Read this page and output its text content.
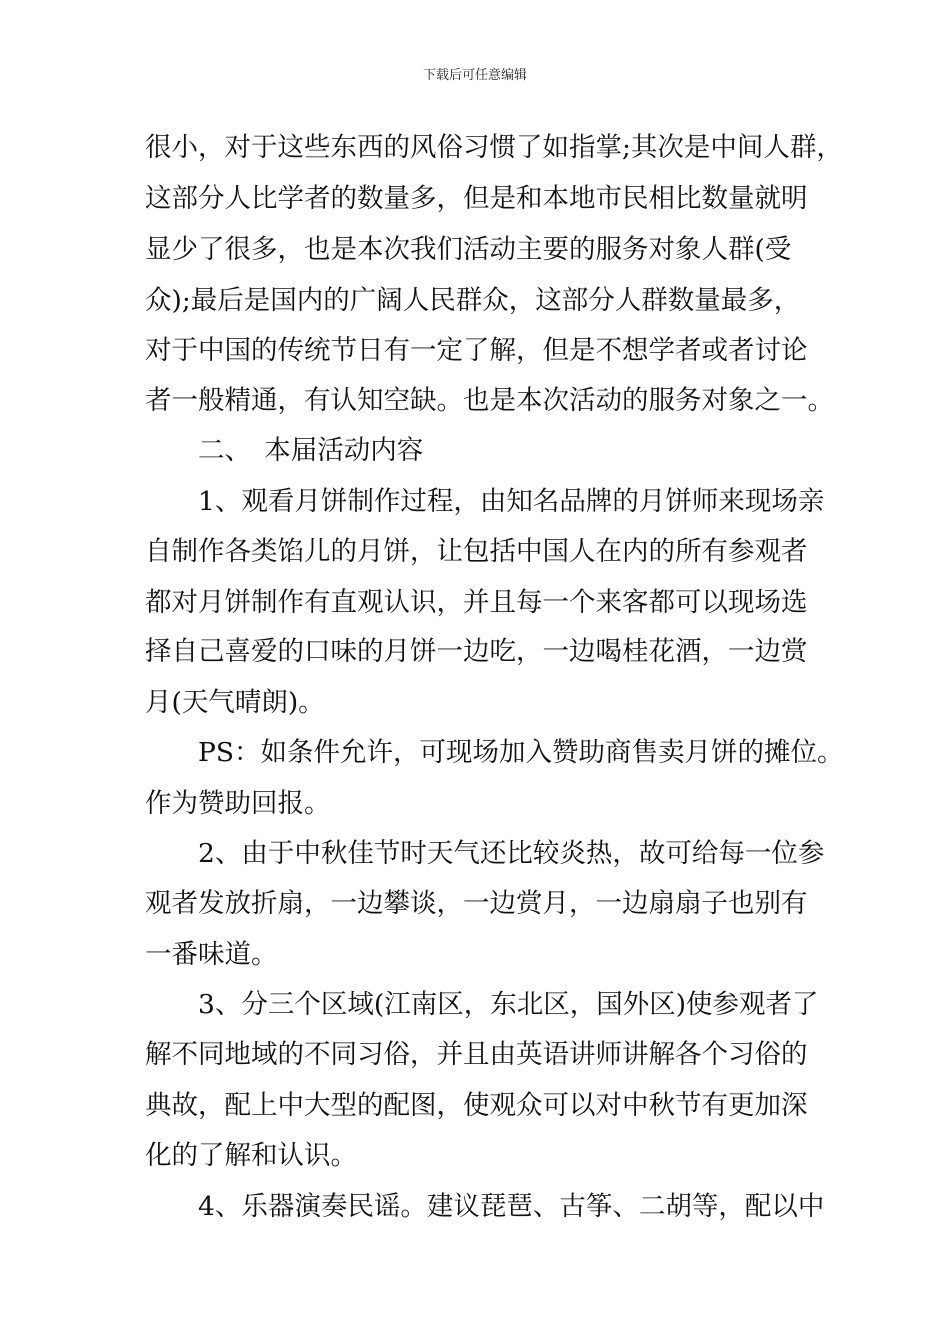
下载后可任意编辑
很小，对于这些东西的风俗习惯了如指掌;其次是中间人群，
这部分人比学者的数量多，但是和本地市民相比数量就明
显少了很多，也是本次我们活动主要的服务对象人群(受
众);最后是国内的广阔人民群众，这部分人群数量最多，
对于中国的传统节日有一定了解，但是不想学者或者讨论
者一般精通，有认知空缺。也是本次活动的服务对象之一。
　　二、　本届活动内容
　　1、观看月饼制作过程，由知名品牌的月饼师来现场亲
自制作各类馅儿的月饼，让包括中国人在内的所有参观者
都对月饼制作有直观认识，并且每一个来客都可以现场选
择自己喜爱的口味的月饼一边吃，一边喝桂花酒，一边赏
月(天气晴朗)。
　　PS：如条件允许，可现场加入赞助商售卖月饼的摊位。
作为赞助回报。
　　2、由于中秋佳节时天气还比较炎热，故可给每一位参
观者发放折扇，一边攀谈，一边赏月，一边扇扇子也别有
一番味道。
　　3、分三个区域(江南区，东北区，国外区)使参观者了
解不同地域的不同习俗，并且由英语讲师讲解各个习俗的
典故，配上中大型的配图，使观众可以对中秋节有更加深
化的了解和认识。
　　4、乐器演奏民谣。建议琵琶、古筝、二胡等，配以中
